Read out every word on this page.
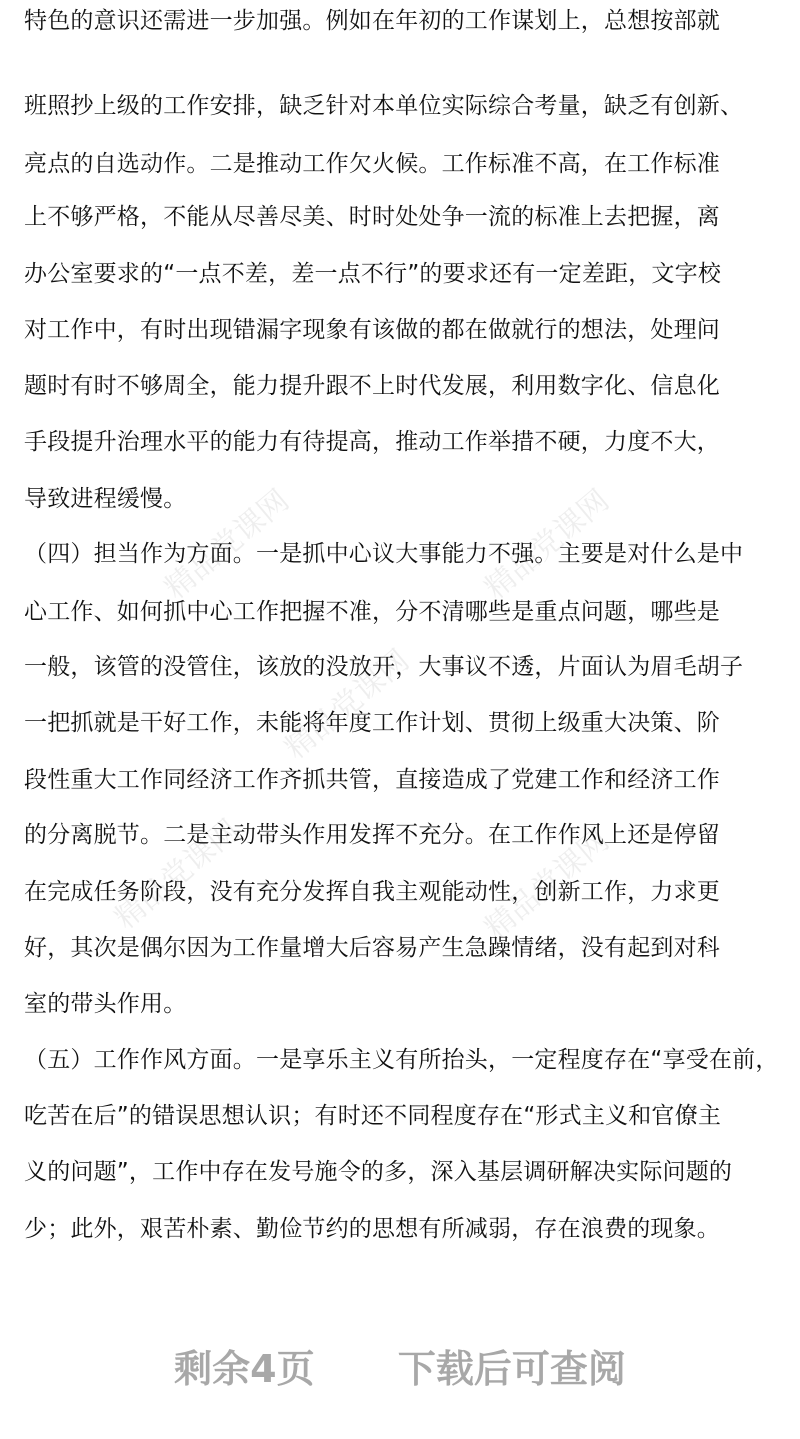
精品党课网	精品党课网
精品党课网
精品党课网	精品党课网
特色的意识还需进一步加强。例如在年初的工作谋划上，总想按部就
班照抄上级的工作安排，缺乏针对本单位实际综合考量，缺乏有创新、
亮点的自选动作。二是推动工作欠火候。工作标准不高，在工作标准
上不够严格，不能从尽善尽美、时时处处争一流的标准上去把握，离
办公室要求的“一点不差，差一点不行”的要求还有一定差距，文字校
对工作中，有时出现错漏字现象有该做的都在做就行的想法，处理问
题时有时不够周全，能力提升跟不上时代发展，利用数字化、信息化
手段提升治理水平的能力有待提高，推动工作举措不硬，力度不大，
导致进程缓慢。
（四）担当作为方面。一是抓中心议大事能力不强。主要是对什么是中
心工作、如何抓中心工作把握不准，分不清哪些是重点问题，哪些是
一般，该管的没管住，该放的没放开，大事议不透，片面认为眉毛胡子
一把抓就是干好工作，未能将年度工作计划、贯彻上级重大决策、阶
段性重大工作同经济工作齐抓共管，直接造成了党建工作和经济工作
的分离脱节。二是主动带头作用发挥不充分。在工作作风上还是停留
在完成任务阶段，没有充分发挥自我主观能动性，创新工作，力求更
好，其次是偶尔因为工作量增大后容易产生急躁情绪，没有起到对科
室的带头作用。
（五）工作作风方面。一是享乐主义有所抬头，一定程度存在“享受在前，
吃苦在后”的错误思想认识；有时还不同程度存在“形式主义和官僚主
义的问题”，工作中存在发号施令的多，深入基层调研解决实际问题的
少；此外，艰苦朴素、勤俭节约的思想有所减弱，存在浪费的现象。
剩余4页 下载后可查阅
